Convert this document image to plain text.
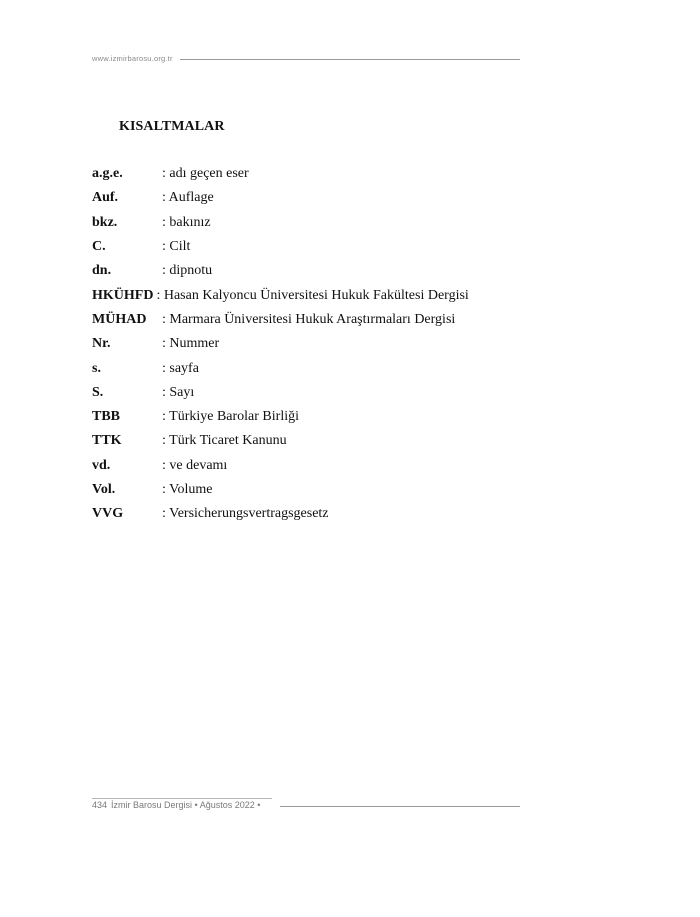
www.izmirbarosu.org.tr
KISALTMALAR
a.g.e.	: adı geçen eser
Auf.	: Auflage
bkz.	: bakınız
C.	: Cilt
dn.	: dipnotu
HKÜHFD : Hasan Kalyoncu Üniversitesi Hukuk Fakültesi Dergisi
MÜHAD	: Marmara Üniversitesi Hukuk Araştırmaları Dergisi
Nr.	: Nummer
s.	: sayfa
S.	: Sayı
TBB	: Türkiye Barolar Birliği
TTK	: Türk Ticaret Kanunu
vd.	: ve devamı
Vol.	: Volume
VVG	: Versicherungsvertragsgesetz
434 İzmir Barosu Dergisi • Ağustos 2022 •
